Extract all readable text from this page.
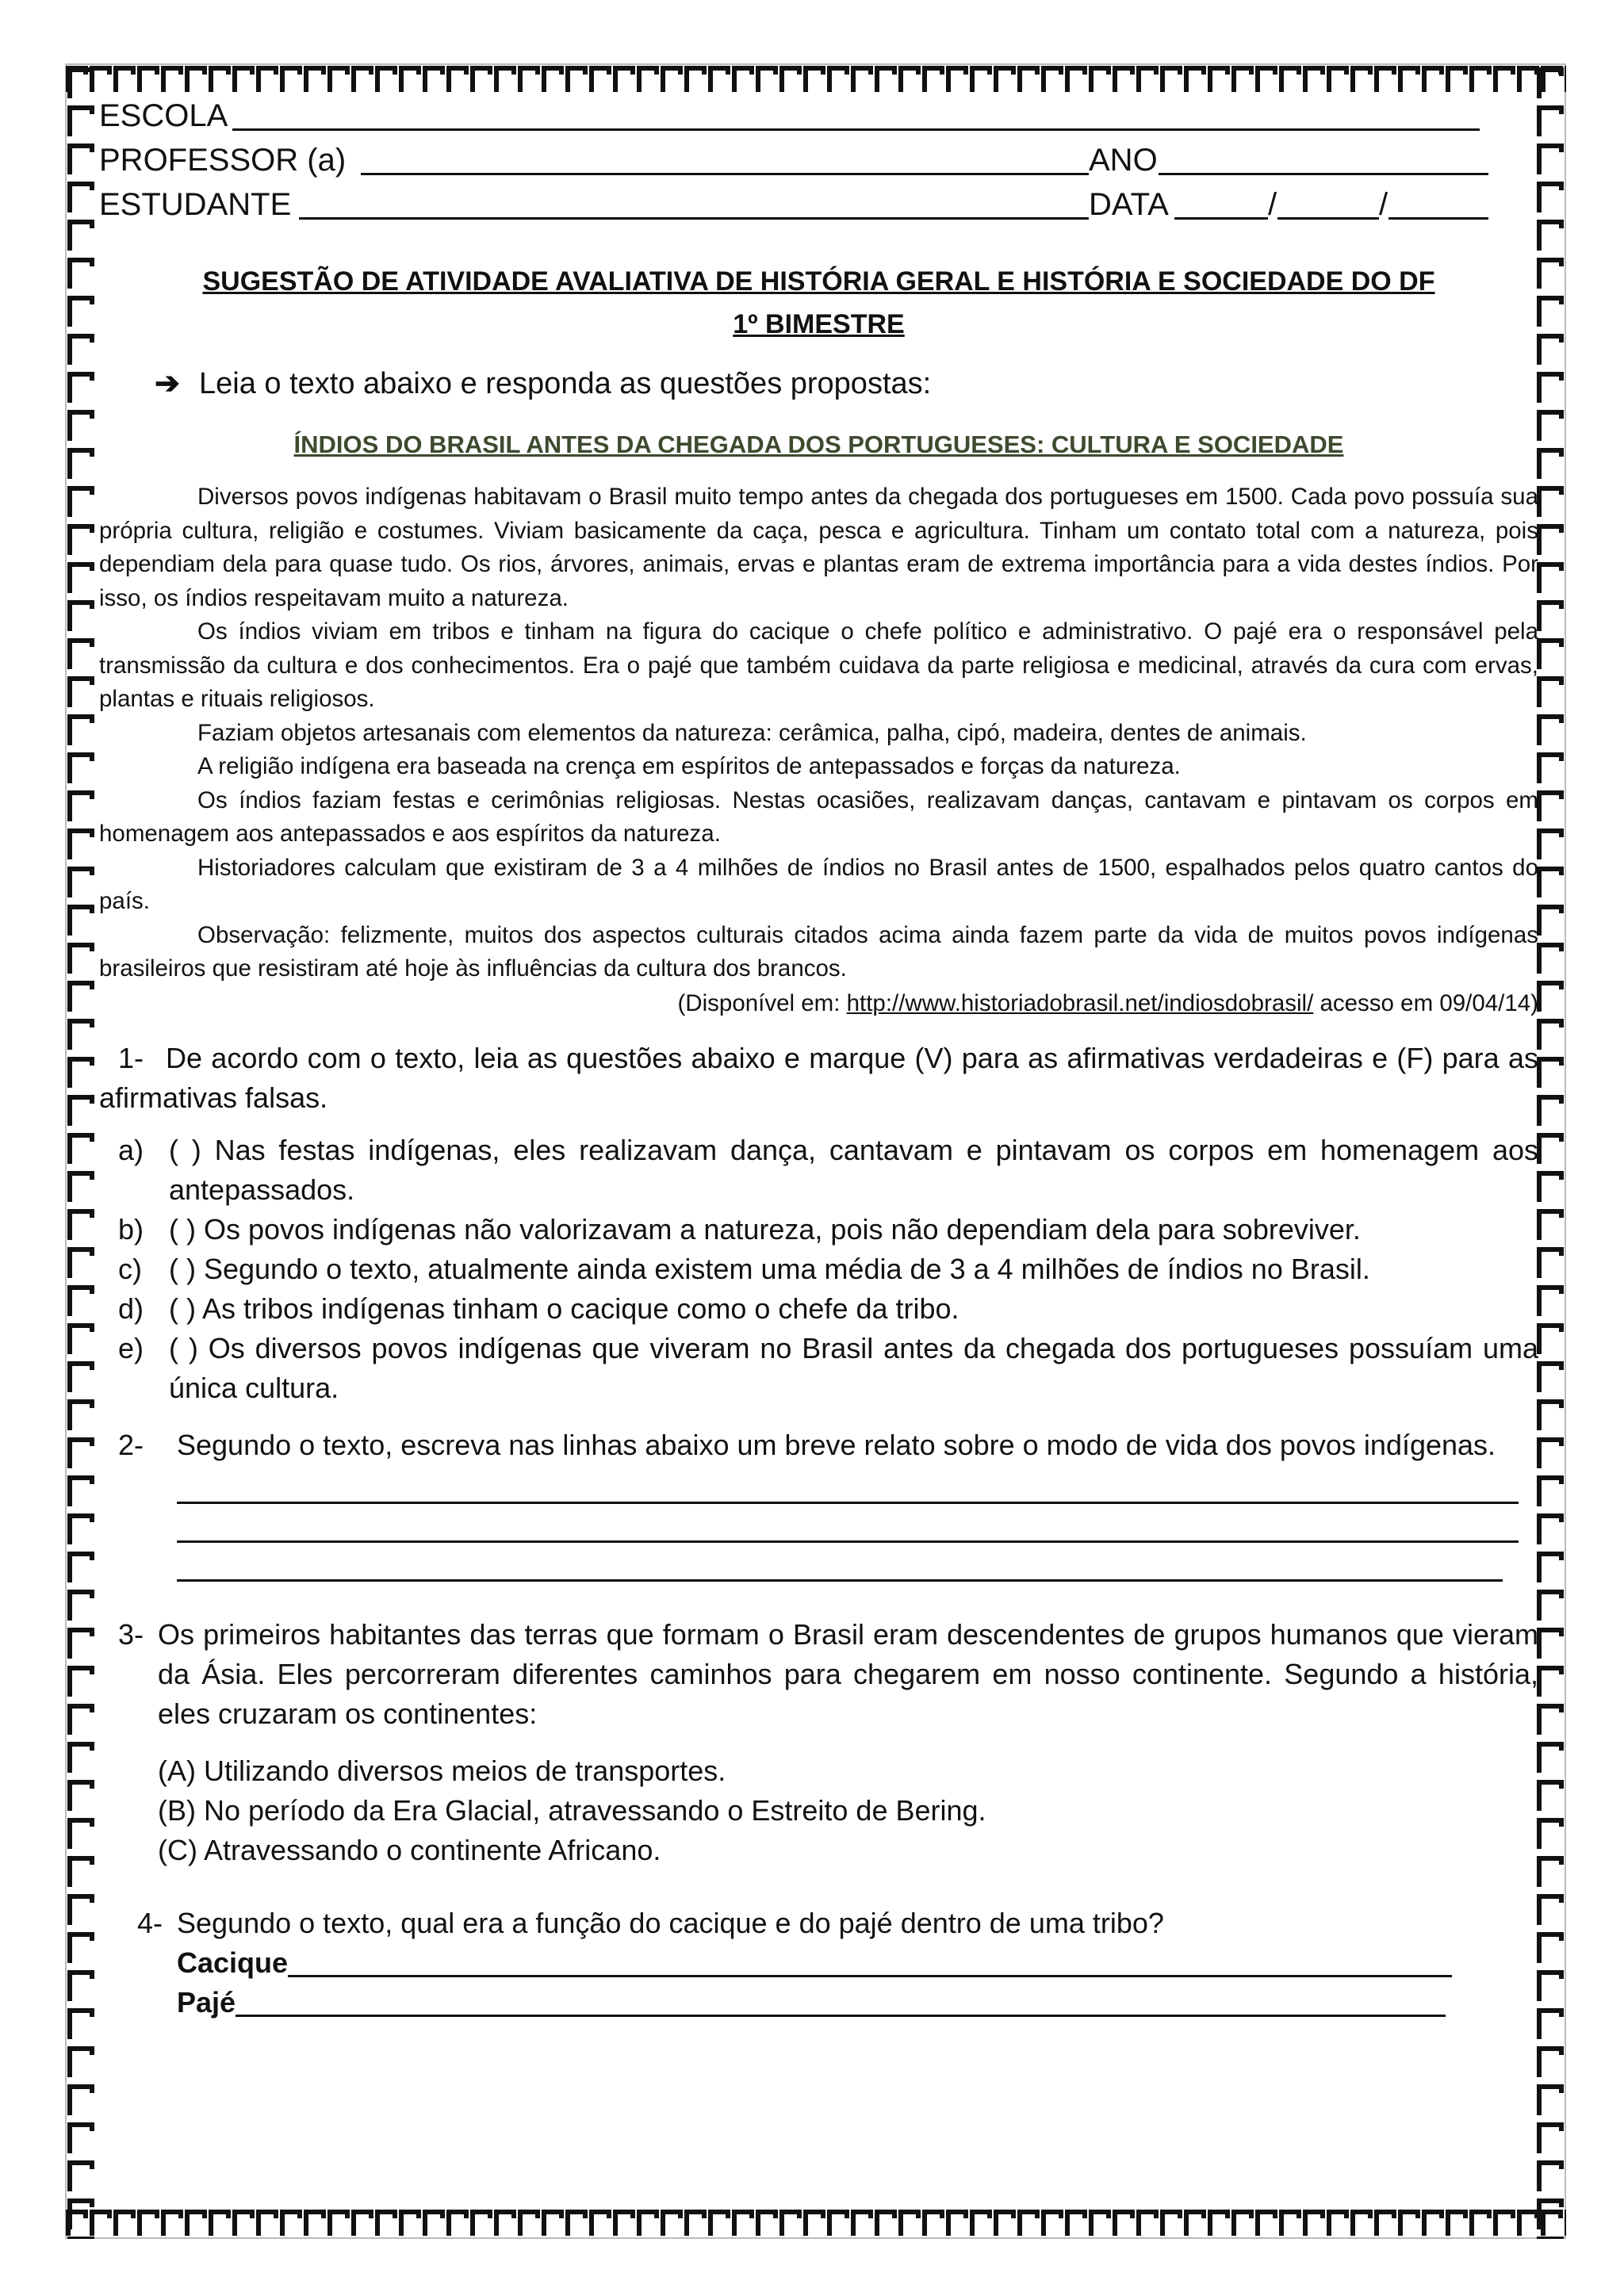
ESCOLA
PROFESSOR (a)	ANO
ESTUDANTE	DATA	/	/
SUGESTÃO DE ATIVIDADE AVALIATIVA DE HISTÓRIA GERAL E HISTÓRIA E SOCIEDADE DO DF
1º BIMESTRE
➔ Leia o texto abaixo e responda as questões propostas:
ÍNDIOS DO BRASIL ANTES DA CHEGADA DOS PORTUGUESES: CULTURA E SOCIEDADE

Diversos povos indígenas habitavam o Brasil muito tempo antes da chegada dos portugueses em 1500. Cada povo possuía sua própria cultura, religião e costumes. Viviam basicamente da caça, pesca e agricultura. Tinham um contato total com a natureza, pois dependiam dela para quase tudo. Os rios, árvores, animais, ervas e plantas eram de extrema importância para a vida destes índios. Por isso, os índios respeitavam muito a natureza.

Os índios viviam em tribos e tinham na figura do cacique o chefe político e administrativo. O pajé era o responsável pela transmissão da cultura e dos conhecimentos. Era o pajé que também cuidava da parte religiosa e medicinal, através da cura com ervas, plantas e rituais religiosos.

Faziam objetos artesanais com elementos da natureza: cerâmica, palha, cipó, madeira, dentes de animais.

A religião indígena era baseada na crença em espíritos de antepassados e forças da natureza.

Os índios faziam festas e cerimônias religiosas. Nestas ocasiões, realizavam danças, cantavam e pintavam os corpos em homenagem aos antepassados e aos espíritos da natureza.

Historiadores calculam que existiram de 3 a 4 milhões de índios no Brasil antes de 1500, espalhados pelos quatro cantos do país.

Observação: felizmente, muitos dos aspectos culturais citados acima ainda fazem parte da vida de muitos povos indígenas brasileiros que resistiram até hoje às influências da cultura dos brancos.

(Disponível em: http://www.historiadobrasil.net/indiosdobrasil/ acesso em 09/04/14)
1- De acordo com o texto, leia as questões abaixo e marque (V) para as afirmativas verdadeiras e (F) para as afirmativas falsas.
a) ( ) Nas festas indígenas, eles realizavam dança, cantavam e pintavam os corpos em homenagem aos antepassados.
b) ( ) Os povos indígenas não valorizavam a natureza, pois não dependiam dela para sobreviver.
c) ( ) Segundo o texto, atualmente ainda existem uma média de 3 a 4 milhões de índios no Brasil.
d) ( ) As tribos indígenas tinham o cacique como o chefe da tribo.
e) ( ) Os diversos povos indígenas que viveram no Brasil antes da chegada dos portugueses possuíam uma única cultura.
2-	Segundo o texto, escreva nas linhas abaixo um breve relato sobre o modo de vida dos povos indígenas.
3- Os primeiros habitantes das terras que formam o Brasil eram descendentes de grupos humanos que vieram da Ásia. Eles percorreram diferentes caminhos para chegarem em nosso continente. Segundo a história, eles cruzaram os continentes:
(A) Utilizando diversos meios de transportes.
(B) No período da Era Glacial, atravessando o Estreito de Bering.
(C) Atravessando o continente Africano.
4- Segundo o texto, qual era a função do cacique e do pajé dentro de uma tribo?
Cacique
Pajé
